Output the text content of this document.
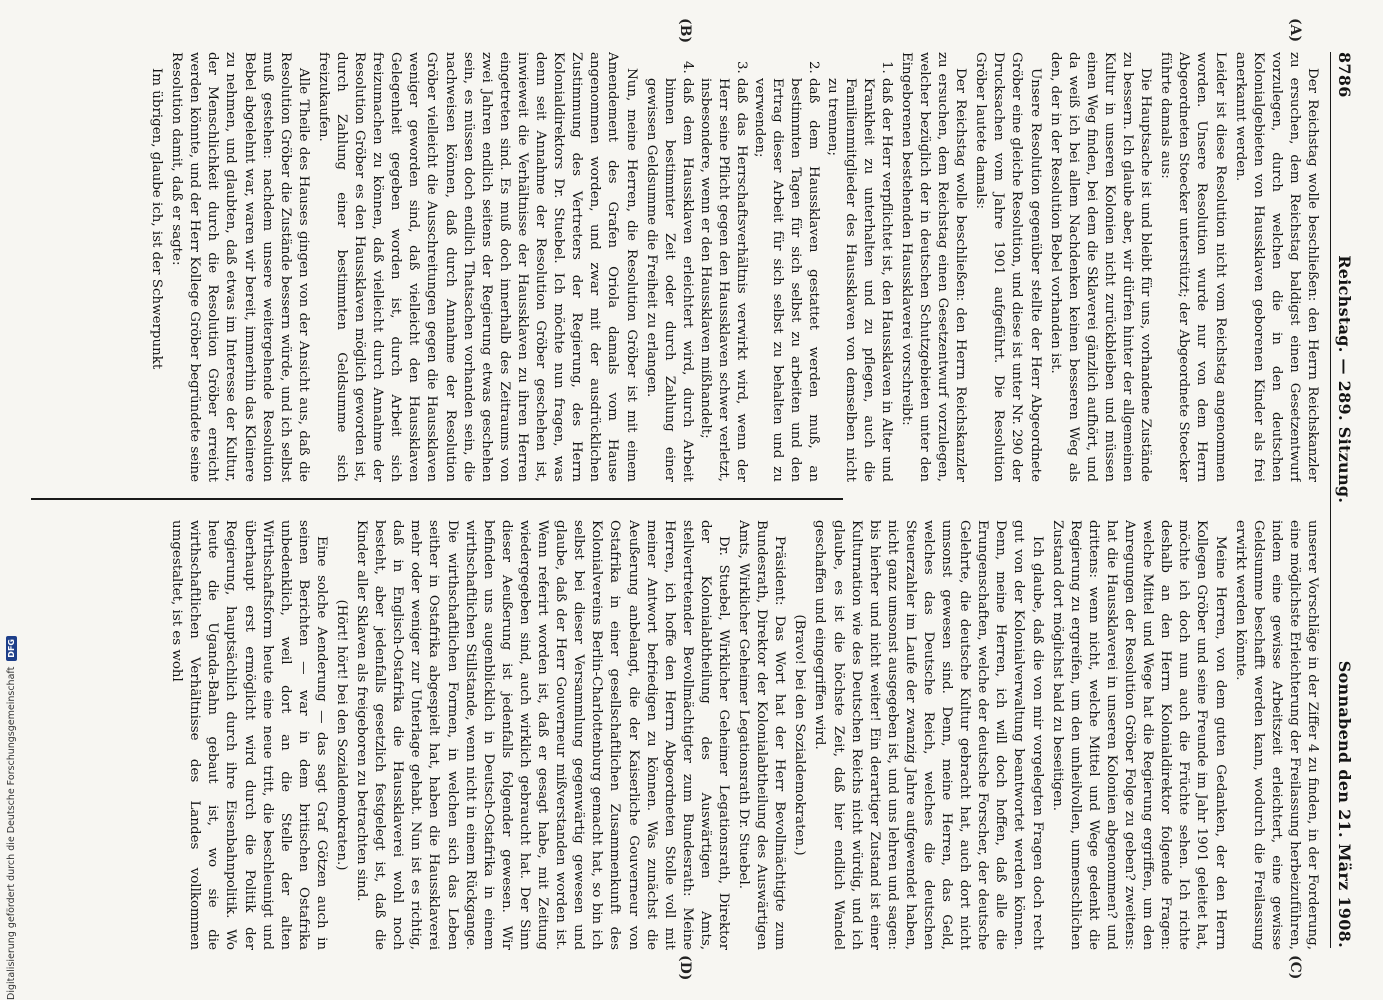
8786
Reichstag. — 289. Sitzung.
Sonnabend den 21. März 1908.
(A)
(B)
(C)
(D)

Der Reichstag wolle beschließen: den Herrn Reichskanzler zu ersuchen, dem Reichstag baldigst einen Gesetzentwurf vorzulegen, durch welchen die in den deutschen Kolonialgebieten von Haussklaven geborenen Kinder als frei anerkannt werden.

Leider ist diese Resolution nicht vom Reichstag angenommen worden. Unsere Resolution wurde nur von dem Herrn Abgeordneten Stoecker unterstützt; der Abgeordnete Stoecker führte damals aus:

Die Hauptsache ist und bleibt für uns, vorhandene Zustände zu bessern. Ich glaube aber, wir dürfen hinter der allgemeinen Kultur in unseren Kolonien nicht zurückbleiben und müssen einen Weg finden, bei dem die Sklaverei gänzlich aufhört, und da weiß ich bei allem Nachdenken keinen besseren Weg als den, der in der Resolution Bebel vorhanden ist.

Unsere Resolution gegenüber stellte der Herr Abgeordnete Gröber eine gleiche Resolution, und diese ist unter Nr. 290 der Drucksachen vom Jahre 1901 aufgeführt. Die Resolution Gröber lautete damals:

Der Reichstag wolle beschließen: den Herrn Reichskanzler zu ersuchen, dem Reichstag einen Gesetzentwurf vorzulegen, welcher bezüglich der in deutschen Schutzgebieten unter den Eingeborenen bestehenden Haussklaverei vorschreibt:

1. daß der Herr verpflichtet ist, den Haussklaven in Alter und Krankheit zu unterhalten und zu pflegen, auch die Familienmitglieder des Haussklaven von demselben nicht zu trennen;
2. daß dem Haussklaven gestattet werden muß, an bestimmten Tagen für sich selbst zu arbeiten und den Ertrag dieser Arbeit für sich selbst zu behalten und zu verwenden;
3. daß das Herrschaftsverhältnis verwirkt wird, wenn der Herr seine Pflicht gegen den Haussklaven schwer verletzt, insbesondere, wenn er den Haussklaven mißhandelt;
4. daß dem Haussklaven erleichtert wird, durch Arbeit binnen bestimmter Zeit oder durch Zahlung einer gewissen Geldsumme die Freiheit zu erlangen.

Nun, meine Herren, die Resolution Gröber ist mit einem Amendement des Grafen Oriola damals vom Hause angenommen worden, und zwar mit der ausdrücklichen Zustimmung des Vertreters der Regierung, des Herrn Kolonialdirektors Dr. Stuebel. Ich möchte nun fragen, was denn seit Annahme der Resolution Gröber geschehen ist, inwieweit die Verhältnisse der Haussklaven zu ihren Herren eingetreten sind. Es muß doch innerhalb des Zeitraums von zwei Jahren endlich seitens der Regierung etwas geschehen sein, es müssen doch endlich Thatsachen vorhanden sein, die nachweisen können, daß durch Annahme der Resolution Gröber vielleicht die Ausschreitungen gegen die Haussklaven weniger geworden sind, daß vielleicht den Haussklaven Gelegenheit gegeben worden ist, durch Arbeit sich freizumachen zu können, daß vielleicht durch Annahme der Resolution Gröber es den Haussklaven möglich geworden ist, durch Zahlung einer bestimmten Geldsumme sich freizukaufen.

Alle Theile des Hauses gingen von der Ansicht aus, daß die Resolution Gröber die Zustände bessern würde, und ich selbst muß gestehen: nachdem unsere weitergehende Resolution Bebel abgelehnt war, waren wir bereit, immerhin das Kleinere zu nehmen, und glaubten, daß etwas im Interesse der Kultur, der Menschlichkeit durch die Resolution Gröber erreicht werden könnte, und der Herr Kollege Gröber begründete seine Resolution damit, daß er sagte:

Im übrigen, glaube ich, ist der Schwerpunkt

unserer Vorschläge in der Ziffer 4 zu finden, in der Forderung, eine möglichste Erleichterung der Freilassung herbeizuführen, indem eine gewisse Arbeitszeit erleichtert, eine gewisse Geldsumme beschafft werden kann, wodurch die Freilassung erwirkt werden könnte.

Meine Herren, von dem guten Gedanken, der den Herrn Kollegen Gröber und seine Freunde im Jahr 1901 geleitet hat, möchte ich doch nun auch die Früchte sehen. Ich richte deshalb an den Herrn Kolonialdirektor folgende Fragen: welche Mittel und Wege hat die Regierung ergriffen, um den Anregungen der Resolution Gröber Folge zu geben? zweitens: hat die Haussklaverei in unseren Kolonien abgenommen? und drittens: wenn nicht, welche Mittel und Wege gedenkt die Regierung zu ergreifen, um den unheilvollen, unmenschlichen Zustand dort möglichst bald zu beseitigen.

Ich glaube, daß die von mir vorgelegten Fragen doch recht gut von der Kolonialverwaltung beantwortet werden können. Denn, meine Herren, ich will doch hoffen, daß alle die Erungenschaften, welche der deutsche Forscher, der deutsche Gelehrte, die deutsche Kultur gebracht hat, auch dort nicht umsonst gewesen sind. Denn, meine Herren, das Geld, welches das Deutsche Reich, welches die deutschen Steuerzahler im Laufe der zwanzig Jahre aufgewendet haben, nicht ganz umsonst ausgegeben ist, und uns lehren und sagen: bis hierher und nicht weiter! Ein derartiger Zustand ist einer Kulturnation wie des Deutschen Reichs nicht würdig, und ich glaube, es ist die höchste Zeit, daß hier endlich Wandel geschaffen und eingegriffen wird.

(Bravo! bei den Sozialdemokraten.)

Präsident: Das Wort hat der Herr Bevollmächtigte zum Bundesrath, Direktor der Kolonialabtheilung des Auswärtigen Amts, Wirklicher Geheimer Legationsrath Dr. Stuebel.

Dr. Stuebel, Wirklicher Geheimer Legationsrath, Direktor der Kolonialabtheilung des Auswärtigen Amts, stellvertretender Bevollmächtigter zum Bundesrath: Meine Herren, ich hoffe den Herrn Abgeordneten Stolle voll mit meiner Antwort befriedigen zu können. Was zunächst die Aeußerung anbelangt, die der Kaiserliche Gouverneur von Ostafrika in einer gesellschaftlichen Zusammenkunft des Kolonialvereins Berlin-Charlottenburg gemacht hat, so bin ich selbst bei dieser Versammlung gegenwärtig gewesen und glaube, daß der Herr Gouverneur mißverstanden worden ist. Wenn referirt worden ist, daß er gesagt habe, mit Zeitung wiedergegeben sind, auch wirklich gebraucht hat. Der Sinn dieser Aeußerung ist jedenfalls folgender gewesen. Wir befinden uns augenblicklich in Deutsch-Ostafrika in einem wirthschaftlichen Stillstande, wenn nicht in einem Rückgange. Die wirthschaftlichen Formen, in welchen sich das Leben seither in Ostafrika abgespielt hat, haben die Haussklaverei mehr oder weniger zur Unterlage gehabt. Nun ist es richtig, daß in Englisch-Ostafrika die Haussklaverei wohl noch besteht, aber jedenfalls gesetzlich festgelegt ist, daß die Kinder aller Sklaven als freigeboren zu betrachten sind.

(Hört! hört! bei den Sozialdemokraten.)

Eine solche Aenderung — das sagt Graf Götzen auch in seinen Berichten — war in dem britischen Ostafrika unbedenklich, weil dort an die Stelle der alten Wirthschaftsform heute eine neue tritt, die beschleunigt und überhaupt erst ermöglicht wird durch die Politik der Regierung, hauptsächlich durch ihre Eisenbahnpolitik. Wo heute die Uganda-Bahn gebaut ist, wo sie die wirthschaftlichen Verhältnisse des Landes vollkommen umgestaltet, ist es wohl

Digitalisierung gefördert durch die Deutsche Forschungsgemeinschaft
DFG
